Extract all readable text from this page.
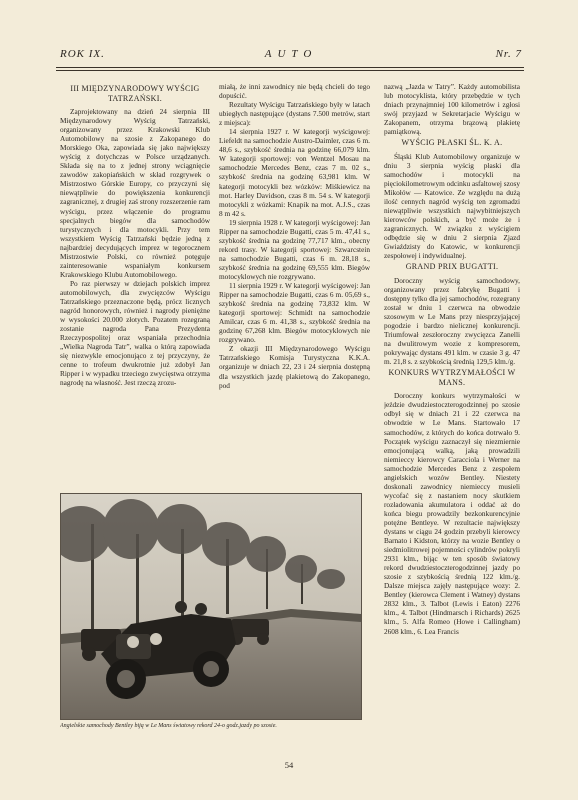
ROK IX.	AUTO	Nr. 7
III MIĘDZYNARODOWY WYŚCIG TATRZAŃSKI.

Zaprojektowany na dzień 24 sierpnia III Międzynarodowy Wyścig Tatrzański, organizowany przez Krakowski Klub Automobilowy na szosie z Zakopanego do Morskiego Oka, zapowiada się jako największy wyścig z dotychczas w Polsce urządzanych. Składa się na to z jednej strony wciągnięcie zawodów zakopiańskich w skład rozgrywek o Mistrzostwo Górskie Europy, co przyczyni się niewątpliwie do powiększenia konkurencji zagranicznej, z drugiej zaś strony rozszerzenie ram wyścigu, przez włączenie do programu specjalnych biegów dla samochodów turystycznych i dla motocykli. Przy tem wszystkiem Wyścig Tatrzański będzie jedną z najbardziej decydujących imprez w tegorocznem Mistrzostwie Polski, co również potęguje zainteresowanie wspaniałym konkursem Krakowskiego Klubu Automobilowego.

Po raz pierwszy w dziejach polskich imprez automobilowych, dla zwycięzców Wyścigu Tatrzańskiego przeznaczone będą, prócz licznych nagród honorowych, również i nagrody pieniężne w wysokości 20.000 złotych. Pozatem rozegraną zostanie nagroda Pana Prezydenta Rzeczypospolitej oraz wspaniała przechodnia „Wielka Nagroda Tatr”, walka o którą zapowiada się niezwykle emocjonująco z tej przyczyny, że cenne to trofeum dwukrotnie już zdobył Jan Ripper i w wypadku trzeciego zwycięstwa otrzyma nagrodę na własność. Jest rzeczą zrozu-

miałą, że inni zawodnicy nie będą chcieli do tego dopuścić.

Rezultaty Wyścigu Tatrzańskiego były w latach ubiegłych następujące (dystans 7.500 metrów, start z miejsca):

14 sierpnia 1927 r. W kategorji wyścigowej: Liefeldt na samochodzie Austro-Daimler, czas 6 m. 48,6 s., szybkość średnia na godzinę 66,079 klm. W kategorji sportowej: von Wentzel Mosau na samochodzie Mercedes Benz, czas 7 m. 02 s., szybkość średnia na godzinę 63,981 klm. W kategorji motocykli bez wózków: Miśkiewicz na mot. Harley Davidson, czas 8 m. 54 s. W kategorji motocykli z wózkami: Knapik na mot. A.J.S., czas 8 m 42 s.

19 sierpnia 1928 r. W kategorji wyścigowej: Jan Ripper na samochodzie Bugatti, czas 5 m. 47,41 s., szybkość średnia na godzinę 77,717 klm., obecny rekord trasy. W kategorji sportowej: Szwarcstein na samochodzie Bugatti, czas 6 m. 28,18 s., szybkość średnia na godzinę 69,555 klm. Biegów motocyklowych nie rozgrywano.

11 sierpnia 1929 r. W kategorji wyścigowej: Jan Ripper na samochodzie Bugatti, czas 6 m. 05,69 s., szybkość średnia na godzinę 73,832 klm. W kategorji sportowej: Schmidt na samochodzie Amilcar, czas 6 m. 41,38 s., szybkość średnia na godzinę 67,268 klm. Biegów motocyklowych nie rozgrywano.

Z okazji III Międzynarodowego Wyścigu Tatrzańskiego Komisja Turystyczna K.K.A. organizuje w dniach 22, 23 i 24 sierpnia dostępną dla wszystkich jazdę plakietową do Zakopanego, pod

nazwą „Jazda w Tatry”. Każdy automobilista lub motocyklista, który przebędzie w tych dniach przynajmniej 100 kilometrów i zgłosi swój przyjazd w Sekretarjacie Wyścigu w Zakopanem, otrzyma brązową plakietę pamiątkową.

WYŚCIG PŁASKI ŚL. K. A.

Śląski Klub Automobilowy organizuje w dniu 3 sierpnia wyścig płaski dla samochodów i motocykli na pięciokilometrowym odcinku asfaltowej szosy Mikołów — Katowice. Ze względu na dużą ilość cennych nagród wyścig ten zgromadzi niewątpliwie wszystkich najwybitniejszych kierowców polskich, a być może że i zagranicznych. W związku z wyścigiem odbędzie się w dniu 2 sierpnia Zjazd Gwiaździsty do Katowic, w konkurencji zespołowej i indywidualnej.

GRAND PRIX BUGATTI.

Doroczny wyścig samochodowy, organizowany przez fabrykę Bugatti i dostępny tylko dla jej samochodów, rozegrany został w dniu 1 czerwca na obwodzie szosowym w Le Mans przy niesprzyjającej pogodzie i bardzo nielicznej konkurencji. Triumfował zeszłoroczny zwycięzca Zanelli na dwulitrowym wozie z kompresorem, pokrywając dystans 491 klm. w czasie 3 g. 47 m. 21,8 s. z szybkością średnią 129,5 klm./g.

KONKURS WYTRZYMAŁOŚCI W MANS.

Doroczny konkurs wytrzymałości w jeździe dwudziestoczterogodzinnej po szosie odbył się w dniach 21 i 22 czerwca na obwodzie w Le Mans. Startowało 17 samochodów, z których do końca dotrwało 9. Początek wyścigu zaznaczył się niezmiernie emocjonującą walką, jaką prowadzili niemieccy kierowcy Caracciola i Werner na samochodzie Mercedes Benz z zespołem angielskich wozów Bentley. Niestety doskonali zawodnicy niemieccy musieli wycofać się z nastaniem nocy skutkiem rozładowania akumulatora i oddać aż do końca biegu prowadzily bezkonkurencyjnie potężne Bentleye. W rezultacie największy dystans w ciągu 24 godzin przebyli kierowcy Barnato i Kidston, którzy na wozie Bentley o siedmiolitrowej pojemności cylindrów pokryli 2931 klm., bijąc w ten sposób światowy rekord dwudziestoczterogodzinnej jazdy po szosie z szybkością średnią 122 klm./g. Dalsze miejsca zajęły następujące wozy: 2. Bentley (kierowca Clement i Watney) dystans 2832 klm., 3. Talbot (Lewis i Eaton) 2276 klm., 4. Talbot (Hindmarsch i Richards) 2625 klm., 5. Alfa Romeo (Howe i Callingham) 2608 klm., 6. Lea Francis

Angielskie samochody Bentley biją w Le Mans światowy rekord 24-o godz.jazdy po szosie.
54
